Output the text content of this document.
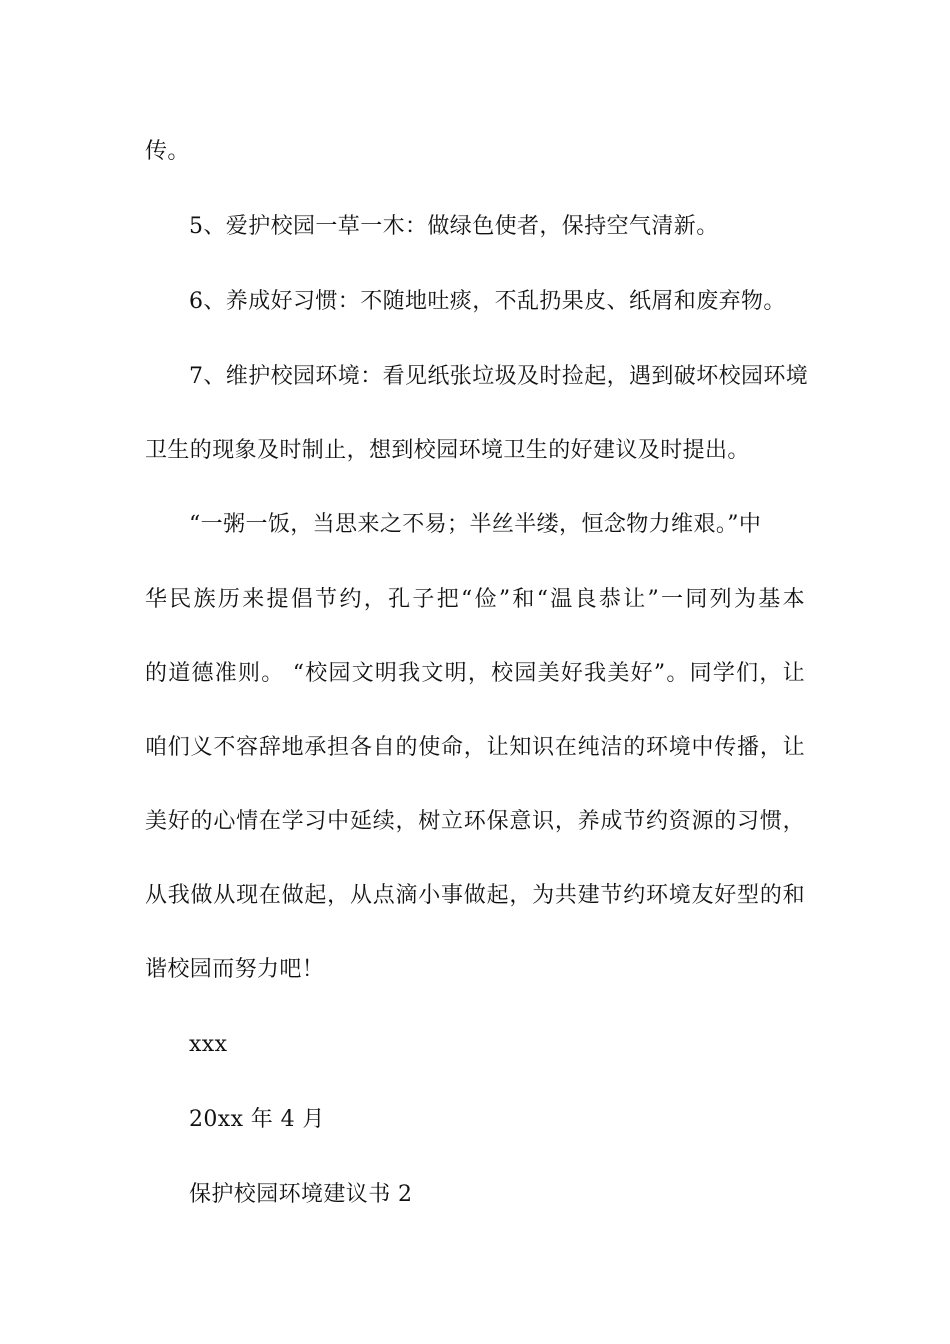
传。
5、爱护校园一草一木：做绿色使者，保持空气清新。
6、养成好习惯：不随地吐痰，不乱扔果皮、纸屑和废弃物。
7、维护校园环境：看见纸张垃圾及时捡起，遇到破坏校园环境
卫生的现象及时制止，想到校园环境卫生的好建议及时提出。
“一粥一饭，当思来之不易；半丝半缕，恒念物力维艰。”中
华民族历来提倡节约，孔子把“俭”和“温良恭让”一同列为基本
的道德准则。 “校园文明我文明，校园美好我美好”。同学们，让
咱们义不容辞地承担各自的使命，让知识在纯洁的环境中传播，让
美好的心情在学习中延续，树立环保意识，养成节约资源的习惯，
从我做从现在做起，从点滴小事做起，为共建节约环境友好型的和
谐校园而努力吧！
xxx
20xx 年 4 月
保护校园环境建议书 2
